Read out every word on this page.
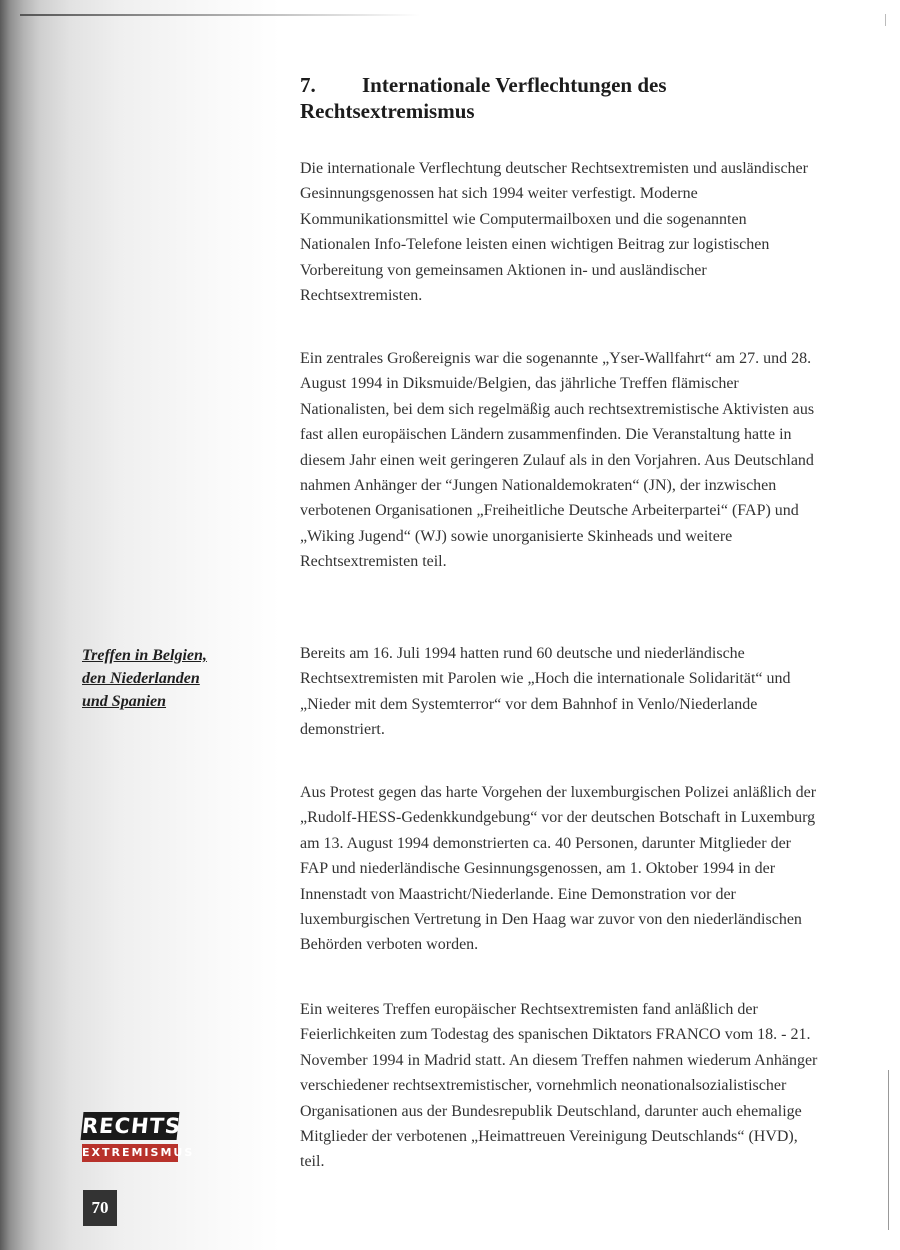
7. Internationale Verflechtungen des
Rechtsextremismus

Die internationale Verflechtung deutscher Rechtsextremisten und ausländischer Gesinnungsgenossen hat sich 1994 weiter verfestigt. Moderne Kommunikationsmittel wie Computermailboxen und die sogenannten Nationalen Info-Telefone leisten einen wichtigen Beitrag zur logistischen Vorbereitung von gemeinsamen Aktionen in- und ausländischer Rechtsextremisten.

Ein zentrales Großereignis war die sogenannte „Yser-Wallfahrt“ am 27. und 28. August 1994 in Diksmuide/Belgien, das jährliche Treffen flämischer Nationalisten, bei dem sich regelmäßig auch rechtsextremistische Aktivisten aus fast allen europäischen Ländern zusammenfinden. Die Veranstaltung hatte in diesem Jahr einen weit geringeren Zulauf als in den Vorjahren. Aus Deutschland nahmen Anhänger der “Jungen Nationaldemokraten“ (JN), der inzwischen verbotenen Organisationen „Freiheitliche Deutsche Arbeiterpartei“ (FAP) und „Wiking Jugend“ (WJ) sowie unorganisierte Skinheads und weitere Rechtsextremisten teil.

Treffen in Belgien,
den Niederlanden
und Spanien

Bereits am 16. Juli 1994 hatten rund 60 deutsche und niederländische Rechtsextremisten mit Parolen wie „Hoch die internationale Solidarität“ und „Nieder mit dem Systemterror“ vor dem Bahnhof in Venlo/Niederlande demonstriert.

Aus Protest gegen das harte Vorgehen der luxemburgischen Polizei anläßlich der „Rudolf-HESS-Gedenkkundgebung“ vor der deutschen Botschaft in Luxemburg am 13. August 1994 demonstrierten ca. 40 Personen, darunter Mitglieder der FAP und niederländische Gesinnungsgenossen, am 1. Oktober 1994 in der Innenstadt von Maastricht/Niederlande. Eine Demonstration vor der luxemburgischen Vertretung in Den Haag war zuvor von den niederländischen Behörden verboten worden.

Ein weiteres Treffen europäischer Rechtsextremisten fand anläßlich der Feierlichkeiten zum Todestag des spanischen Diktators FRANCO vom 18. - 21. November 1994 in Madrid statt. An diesem Treffen nahmen wiederum Anhänger verschiedener rechtsextremistischer, vornehmlich neonationalsozialistischer Organisationen aus der Bundesrepublik Deutschland, darunter auch ehemalige Mitglieder der verbotenen „Heimattreuen Vereinigung Deutschlands“ (HVD), teil.

RECHTS
EXTREMISMUS
70
